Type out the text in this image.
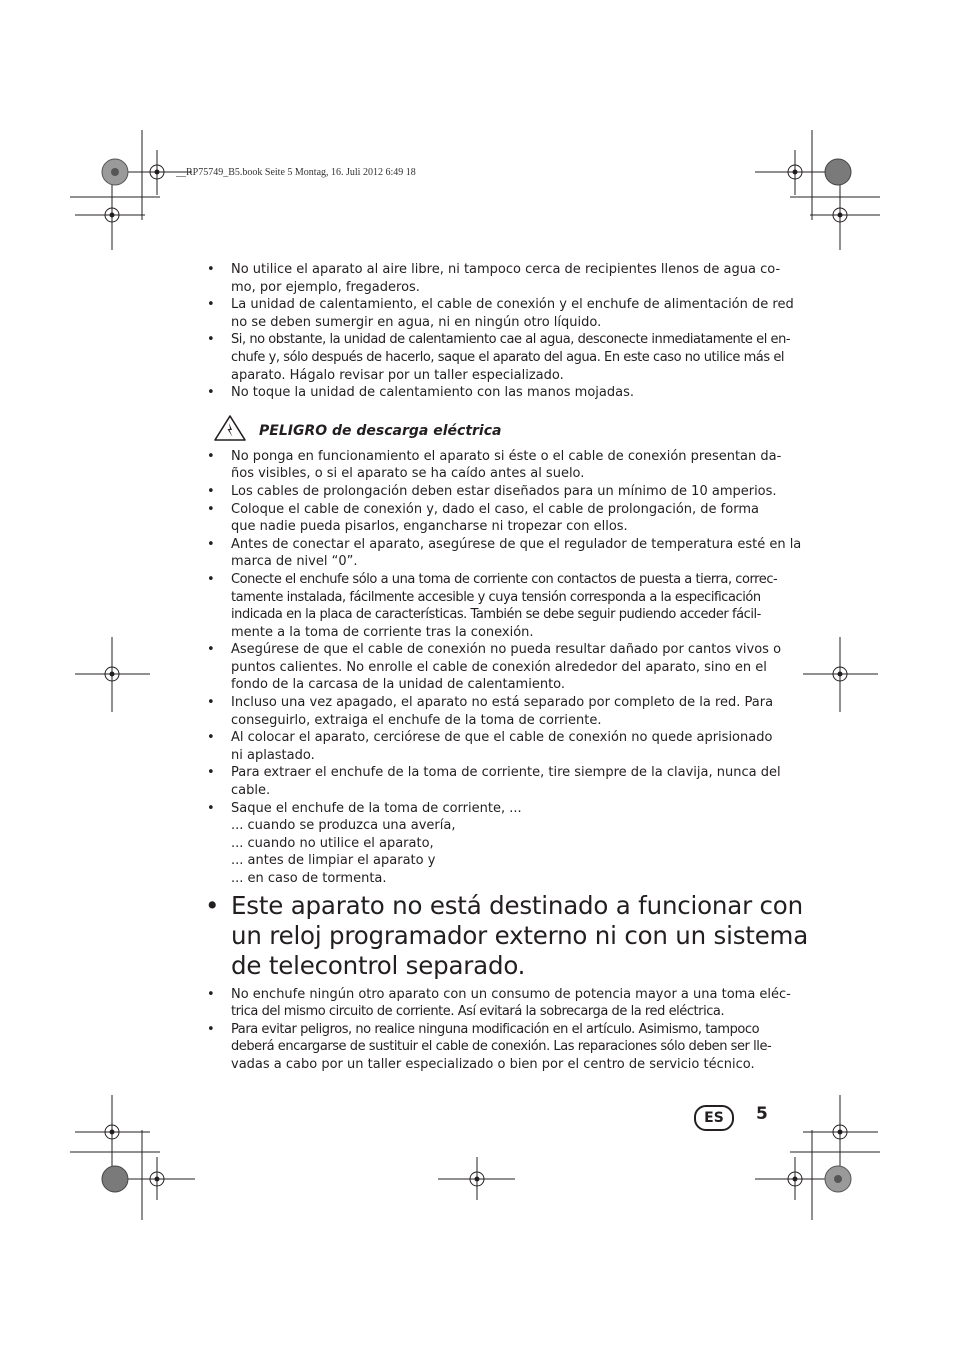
__RP75749_B5.book Seite 5 Montag, 16. Juli 2012 6:49 18
• No utilice el aparato al aire libre, ni tampoco cerca de recipientes llenos de agua co-
mo, por ejemplo, fregaderos.
• La unidad de calentamiento, el cable de conexión y el enchufe de alimentación de red
no se deben sumergir en agua, ni en ningún otro líquido.
• Si, no obstante, la unidad de calentamiento cae al agua, desconecte inmediatamente el en-
chufe y, sólo después de hacerlo, saque el aparato del agua. En este caso no utilice más el
aparato. Hágalo revisar por un taller especializado.
• No toque la unidad de calentamiento con las manos mojadas.
PELIGRO de descarga eléctrica
• No ponga en funcionamiento el aparato si éste o el cable de conexión presentan da-
ños visibles, o si el aparato se ha caído antes al suelo.
• Los cables de prolongación deben estar diseñados para un mínimo de 10 amperios.
• Coloque el cable de conexión y, dado el caso, el cable de prolongación, de forma
que nadie pueda pisarlos, engancharse ni tropezar con ellos.
• Antes de conectar el aparato, asegúrese de que el regulador de temperatura esté en la
marca de nivel “0”.
• Conecte el enchufe sólo a una toma de corriente con contactos de puesta a tierra, correc-
tamente instalada, fácilmente accesible y cuya tensión corresponda a la especificación
indicada en la placa de características. También se debe seguir pudiendo acceder fácil-
mente a la toma de corriente tras la conexión.
• Asegúrese de que el cable de conexión no pueda resultar dañado por cantos vivos o
puntos calientes. No enrolle el cable de conexión alrededor del aparato, sino en el
fondo de la carcasa de la unidad de calentamiento.
• Incluso una vez apagado, el aparato no está separado por completo de la red. Para
conseguirlo, extraiga el enchufe de la toma de corriente.
• Al colocar el aparato, cerciórese de que el cable de conexión no quede aprisionado
ni aplastado.
• Para extraer el enchufe de la toma de corriente, tire siempre de la clavija, nunca del
cable.
• Saque el enchufe de la toma de corriente, ...
... cuando se produzca una avería,
... cuando no utilice el aparato,
... antes de limpiar el aparato y
... en caso de tormenta.
• Este aparato no está destinado a funcionar con
un reloj programador externo ni con un sistema
de telecontrol separado.
• No enchufe ningún otro aparato con un consumo de potencia mayor a una toma eléc-
trica del mismo circuito de corriente. Así evitará la sobrecarga de la red eléctrica.
• Para evitar peligros, no realice ninguna modificación en el artículo. Asimismo, tampoco
deberá encargarse de sustituir el cable de conexión. Las reparaciones sólo deben ser lle-
vadas a cabo por un taller especializado o bien por el centro de servicio técnico.
ES	5
